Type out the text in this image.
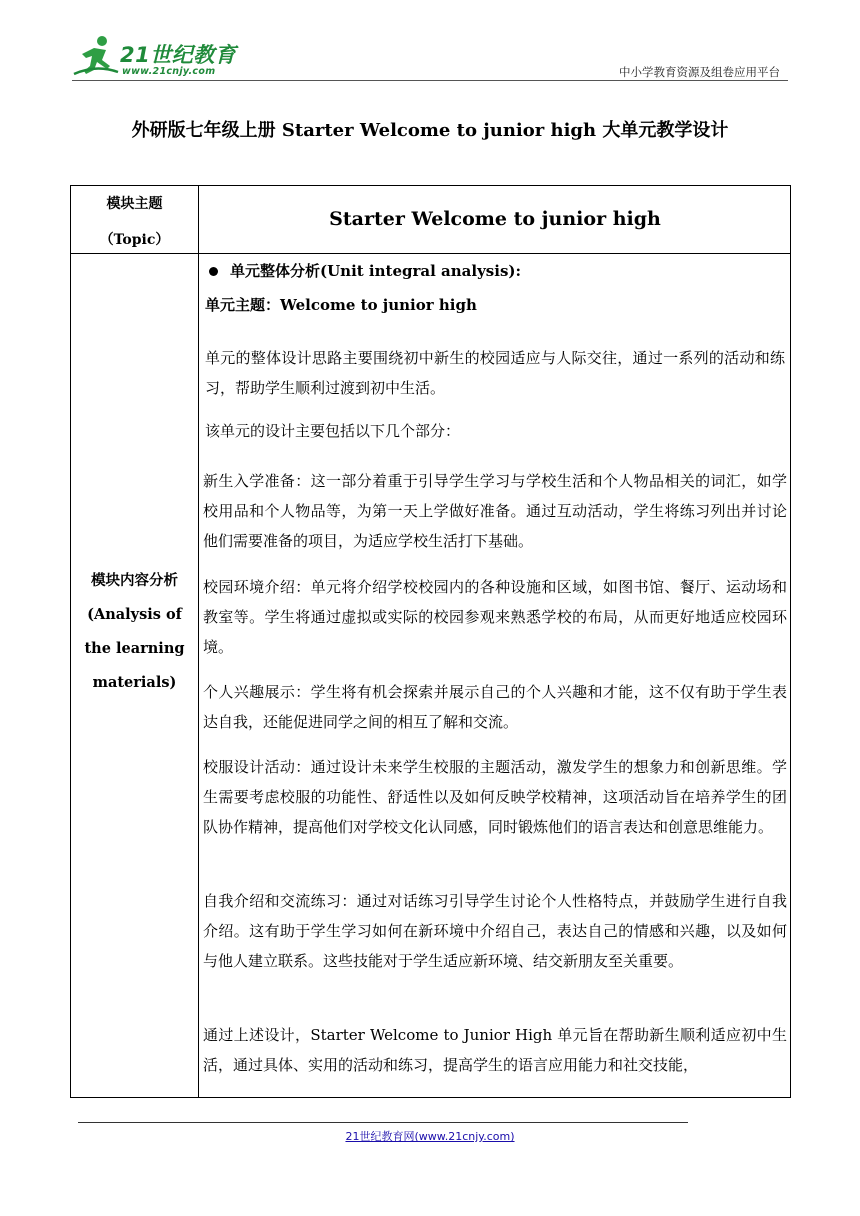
21世纪教育
www.21cnjy.com	中小学教育资源及组卷应用平台
外研版七年级上册 Starter Welcome to junior high 大单元教学设计
模块主题
（Topic）
Starter Welcome to junior high
模块内容分析
(Analysis of
the learning
materials)

单元整体分析(Unit integral analysis):

单元主题：Welcome to junior high

单元的整体设计思路主要围绕初中新生的校园适应与人际交往，通过一系列的活动和练习，帮助学生顺利过渡到初中生活。

该单元的设计主要包括以下几个部分：

新生入学准备：这一部分着重于引导学生学习与学校生活和个人物品相关的词汇，如学校用品和个人物品等，为第一天上学做好准备。通过互动活动，学生将练习列出并讨论他们需要准备的项目，为适应学校生活打下基础。

校园环境介绍：单元将介绍学校校园内的各种设施和区域，如图书馆、餐厅、运动场和教室等。学生将通过虚拟或实际的校园参观来熟悉学校的布局，从而更好地适应校园环境。

个人兴趣展示：学生将有机会探索并展示自己的个人兴趣和才能，这不仅有助于学生表达自我，还能促进同学之间的相互了解和交流。

校服设计活动：通过设计未来学生校服的主题活动，激发学生的想象力和创新思维。学生需要考虑校服的功能性、舒适性以及如何反映学校精神，这项活动旨在培养学生的团队协作精神，提高他们对学校文化认同感，同时锻炼他们的语言表达和创意思维能力。

自我介绍和交流练习：通过对话练习引导学生讨论个人性格特点，并鼓励学生进行自我介绍。这有助于学生学习如何在新环境中介绍自己，表达自己的情感和兴趣，以及如何与他人建立联系。这些技能对于学生适应新环境、结交新朋友至关重要。

通过上述设计，Starter Welcome to Junior High 单元旨在帮助新生顺利适应初中生活，通过具体、实用的活动和练习，提高学生的语言应用能力和社交技能，

21世纪教育网(www.21cnjy.com)
